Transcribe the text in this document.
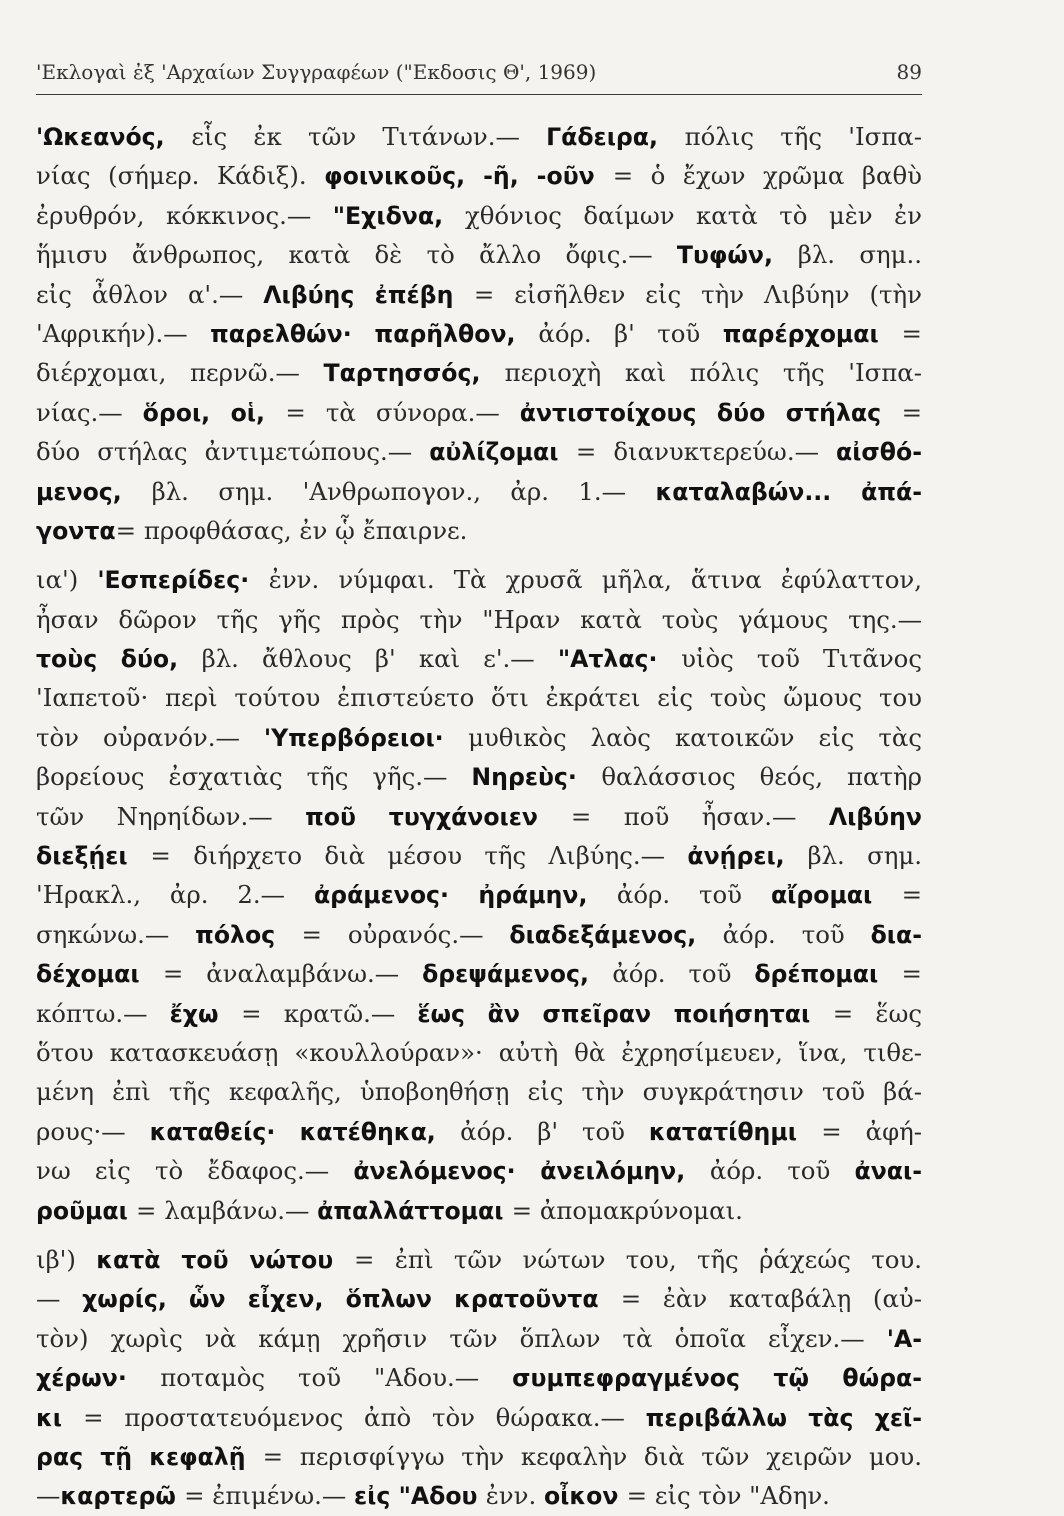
'Εκλογαὶ ἐξ 'Αρχαίων Συγγραφέων ("Εκδοσις Θ', 1969)	89
'Ωκεανός, εἷς ἐκ τῶν Τιτάνων.— Γάδειρα, πόλις τῆς 'Ισπα-
νίας (σήμερ. Κάδιξ). φοινικοῦς, -ῆ, -οῦν = ὁ ἔχων χρῶμα βαθὺ
ἐρυθρόν, κόκκινος.— "Εχιδνα, χθόνιος δαίμων κατὰ τὸ μὲν ἐν
ἥμισυ ἄνθρωπος, κατὰ δὲ τὸ ἄλλο ὄφις.— Τυφών, βλ. σημ..
εἰς ἆθλον α'.— Λιβύης ἐπέβη = εἰσῆλθεν εἰς τὴν Λιβύην (τὴν
'Αφρικήν).— παρελθών· παρῆλθον, ἀόρ. β' τοῦ παρέρχομαι =
διέρχομαι, περνῶ.— Ταρτησσός, περιοχὴ καὶ πόλις τῆς 'Ισπα-
νίας.— ὅροι, οἱ, = τὰ σύνορα.— ἀντιστοίχους δύο στήλας =
δύο στήλας ἀντιμετώπους.— αὐλίζομαι = διανυκτερεύω.— αἰσθό-
μενος, βλ. σημ. 'Ανθρωπογον., ἀρ. 1.— καταλαβών... ἀπά-
γοντα= προφθάσας, ἐν ᾧ ἔπαιρνε.
ια') 'Εσπερίδες· ἐνν. νύμφαι. Τὰ χρυσᾶ μῆλα, ἅτινα ἐφύλαττον,
ἦσαν δῶρον τῆς γῆς πρὸς τὴν "Ηραν κατὰ τοὺς γάμους της.—
τοὺς δύο, βλ. ἄθλους β' καὶ ε'.— "Ατλας· υἱὸς τοῦ Τιτᾶνος
'Ιαπετοῦ· περὶ τούτου ἐπιστεύετο ὅτι ἐκράτει εἰς τοὺς ὤμους του
τὸν οὐρανόν.— 'Υπερβόρειοι· μυθικὸς λαὸς κατοικῶν εἰς τὰς
βορείους ἐσχατιὰς τῆς γῆς.— Νηρεὺς· θαλάσσιος θεός, πατὴρ
τῶν Νηρηίδων.— ποῦ τυγχάνοιεν = ποῦ ἦσαν.— Λιβύην
διεξῄει = διήρχετο διὰ μέσου τῆς Λιβύης.— ἀνῄρει, βλ. σημ.
'Ηρακλ., ἀρ. 2.— ἀράμενος· ἠράμην, ἀόρ. τοῦ αἴρομαι =
σηκώνω.— πόλος = οὐρανός.— διαδεξάμενος, ἀόρ. τοῦ δια-
δέχομαι = ἀναλαμβάνω.— δρεψάμενος, ἀόρ. τοῦ δρέπομαι =
κόπτω.— ἔχω = κρατῶ.— ἕως ἂν σπεῖραν ποιήσηται = ἕως
ὅτου κατασκευάσῃ «κουλλούραν»· αὐτὴ θὰ ἐχρησίμευεν, ἵνα, τιθε-
μένη ἐπὶ τῆς κεφαλῆς, ὑποβοηθήσῃ εἰς τὴν συγκράτησιν τοῦ βά-
ρους·— καταθείς· κατέθηκα, ἀόρ. β' τοῦ κατατίθημι = ἀφή-
νω εἰς τὸ ἔδαφος.— ἀνελόμενος· ἀνειλόμην, ἀόρ. τοῦ ἀναι-
ροῦμαι = λαμβάνω.— ἀπαλλάττομαι = ἀπομακρύνομαι.
ιβ') κατὰ τοῦ νώτου = ἐπὶ τῶν νώτων του, τῆς ῥάχεώς του.
— χωρίς, ὧν εἶχεν, ὅπλων κρατοῦντα = ἐὰν καταβάλῃ (αὐ-
τὸν) χωρὶς νὰ κάμῃ χρῆσιν τῶν ὅπλων τὰ ὁποῖα εἶχεν.— 'Α-
χέρων· ποταμὸς τοῦ "Αδου.— συμπεφραγμένος τῷ θώρα-
κι = προστατευόμενος ἀπὸ τὸν θώρακα.— περιβάλλω τὰς χεῖ-
ρας τῇ κεφαλῇ = περισφίγγω τὴν κεφαλὴν διὰ τῶν χειρῶν μου.
—καρτερῶ = ἐπιμένω.— εἰς "Αδου ἐνν. οἶκον = εἰς τὸν "Αδην.
